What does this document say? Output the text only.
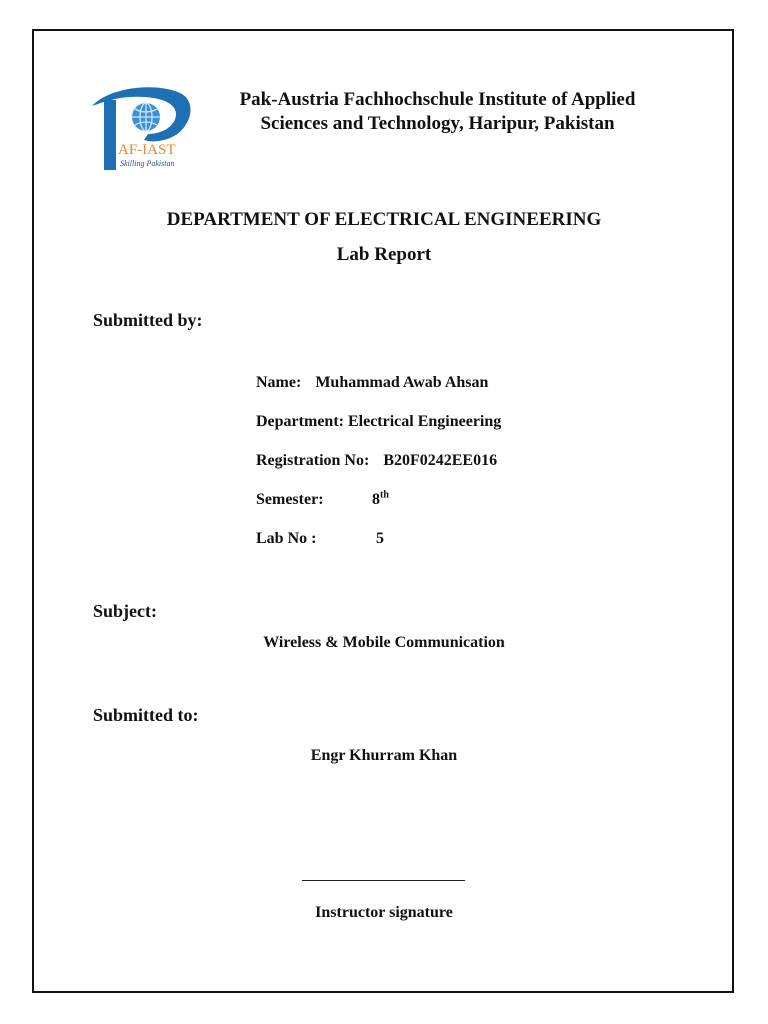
AF-IAST
Skilling Pakistan
Pak-Austria Fachhochschule Institute of Applied
Sciences and Technology, Haripur, Pakistan
DEPARTMENT OF ELECTRICAL ENGINEERING
Lab Report
Submitted by:
Name: Muhammad Awab Ahsan
Department: Electrical Engineering
Registration No: B20F0242EE016
Semester:	8th
Lab No :	5
Subject:
Wireless & Mobile Communication
Submitted to:
Engr Khurram Khan
Instructor signature
